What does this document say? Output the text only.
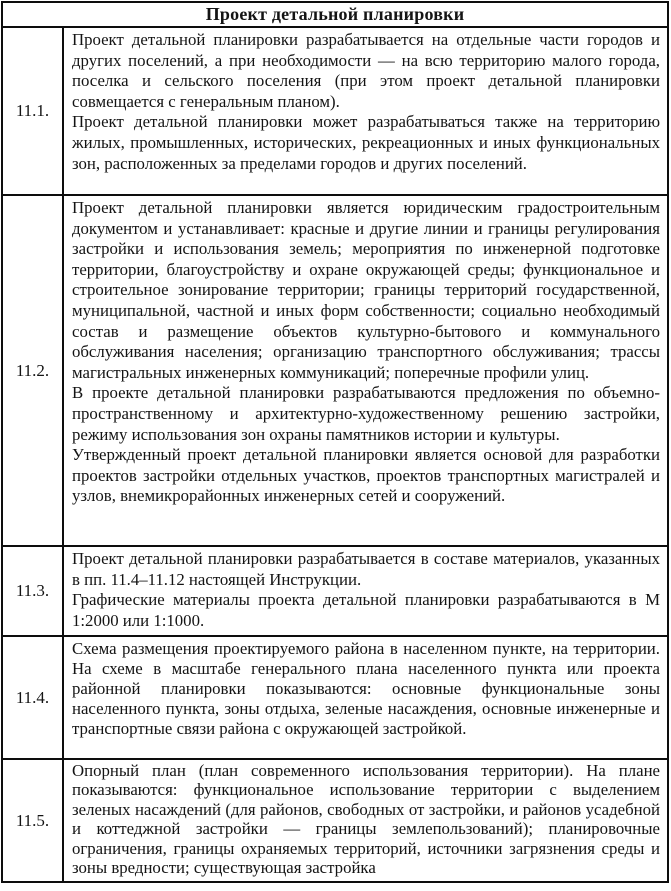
Проект детальной планировки
11.1.

Проект детальной планировки разрабатывается на отдельные части городов и других поселений, а при необходимости — на всю территорию малого города, поселка и сельского поселения (при этом проект детальной планировки совмещается с генеральным планом).

Проект детальной планировки может разрабатываться также на территорию жилых, промышленных, исторических, рекреационных и иных функциональных зон, расположенных за пределами городов и других поселений.

11.2.

Проект детальной планировки является юридическим градостроительным документом и устанавливает: красные и другие линии и границы регулирования застройки и использования земель; мероприятия по инженерной подготовке территории, благоустройству и охране окружающей среды; функциональное и строительное зонирование территории; границы территорий государственной, муниципальной, частной и иных форм собственности; социально необходимый состав и размещение объектов культурно-бытового и коммунального обслуживания населения; организацию транспортного обслуживания; трассы магистральных инженерных коммуникаций; поперечные профили улиц.

В проекте детальной планировки разрабатываются предложения по объемно-пространственному и архитектурно-художественному решению застройки, режиму использования зон охраны памятников истории и культуры.

Утвержденный проект детальной планировки является основой для разработки проектов застройки отдельных участков, проектов транспортных магистралей и узлов, внемикрорайонных инженерных сетей и сооружений.

11.3.

Проект детальной планировки разрабатывается в составе материалов, указанных в пп. 11.4–11.12 настоящей Инструкции.

Графические материалы проекта детальной планировки разрабатываются в М 1:2000 или 1:1000.

11.4.

Схема размещения проектируемого района в населенном пункте, на территории. На схеме в масштабе генерального плана населенного пункта или проекта районной планировки показываются: основные функциональные зоны населенного пункта, зоны отдыха, зеленые насаждения, основные инженерные и транспортные связи района с окружающей застройкой.

11.5.

Опорный план (план современного использования территории). На плане показываются: функциональное использование территории с выделением зеленых насаждений (для районов, свободных от застройки, и районов усадебной и коттеджной застройки — границы землепользований); планировочные ограничения, границы охраняемых территорий, источники загрязнения среды и зоны вредности; существующая застройка
